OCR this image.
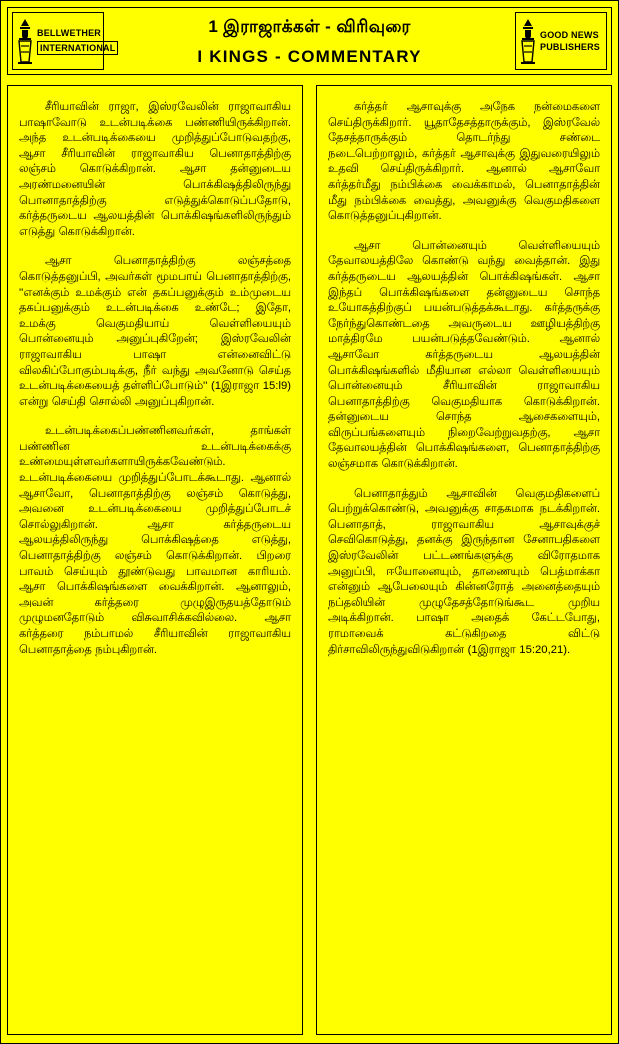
BELLWETHER
INTERNATIONAL
1 இராஜாக்கள் - விரிவுரை
I KINGS - COMMENTARY
GOOD NEWS
PUBLISHERS

சீரியாவின் ராஜா, இஸ்ரவேலின் ராஜாவாகிய பாஷாவோடு உடன்படிக்கை பண்ணியிருக்கிறான். அந்த உடன்படிக்கையை முறித்துப்போடுவதற்கு, ஆசா சீரியாவின் ராஜாவாகிய பெனாதாத்திற்கு லஞ்சம் கொடுக்கிறான். ஆசா தன்னுடைய அரண்மனையின் பொக்கிஷத்திலிருந்து பொனாதாத்திற்கு எடுத்துக்கொடுப்பதோடு, கர்த்தருடைய ஆலயத்தின் பொக்கிஷங்களிலிருந்தும் எடுத்து கொடுக்கிறான்.

ஆசா பெனாதாத்திற்கு லஞ்சத்தை கொடுத்தனுப்பி, அவர்கள் மூமபாய் பெனாதாத்திற்கு, ''எனக்கும் உமக்கும் என் தகப்பனுக்கும் உம்முடைய தகப்பனுக்கும் உடன்படிக்கை உண்டே; இதோ, உமக்கு வெகுமதியாய் வெள்ளியையும் பொன்னையும் அனுப்புகிறேன்; இஸ்ரவேலின் ராஜாவாகிய பாஷா என்னைவிட்டு விலகிப்போகும்படிக்கு, நீர் வந்து அவனோடு செய்த உடன்படிக்கையைத் தள்ளிப்போடும்'' (1இராஜா 15:l9) என்று செய்தி சொல்லி அனுப்புகிறான்.

உடன்படிக்கைப்பண்ணினவர்கள், தாங்கள் பண்ணின உடன்படிக்கைக்கு உண்மையுள்ளவர்களாயிருக்கவேண்டும். உடன்படிக்கையை முறித்துப்போடக்கூடாது. ஆனால் ஆசாவோ, பெனாதாத்திற்கு லஞ்சம் கொடுத்து, அவனை உடன்படிக்கையை முறித்துப்போடச் சொல்லுகிறான். ஆசா கர்த்தருடைய ஆலயத்திலிருந்து பொக்கிஷத்தை எடுத்து, பெனாதாத்திற்கு லஞ்சம் கொடுக்கிறான். பிறரை பாவம் செய்யும் தூண்டுவது பாவமான காரியம். ஆசா பொக்கிஷங்களை வைக்கிறான். ஆனாலும், அவன் கர்த்தரை முழுஇருதயத்தோடும் முழுமனதோடும் விசுவாசிக்கவில்லை. ஆசா கர்த்தரை நம்பாமல் சீரியாவின் ராஜாவாகிய பெனாதாத்தை நம்புகிறான்.

கர்த்தர் ஆசாவுக்கு அநேக நன்மைகளை செய்திருக்கிறார். யூதாதேசத்தாருக்கும், இஸ்ரவேல் தேசத்தாருக்கும் தொடர்ந்து சண்டை நடைபெற்றாலும், கர்த்தர் ஆசாவுக்கு இதுவரையிலும் உதவி செய்திருக்கிறார். ஆனால் ஆசாவோ கர்த்தர்மீது நம்பிக்கை வைக்காமல், பெனாதாத்தின் மீது நம்பிக்கை வைத்து, அவனுக்கு வெகுமதிகளை கொடுத்தனுப்புகிறான்.

ஆசா பொன்னையும் வெள்ளியையும் தேவாலயத்திலே கொண்டு வந்து வைத்தான். இது கர்த்தருடைய ஆலயத்தின் பொக்கிஷங்கள். ஆசா இந்தப் பொக்கிஷங்களை தன்னுடைய சொந்த உயோகத்திற்குப் பயன்படுத்தக்கூடாது. கர்த்தருக்கு நேர்ந்துகொண்டதை அவருடைய ஊழியத்திற்கு மாத்திரமே பயன்படுத்தவேண்டும். ஆனால் ஆசாவோ கர்த்தருடைய ஆலயத்தின் பொக்கிஷங்களில் மீதியான எல்லா வெள்ளியையும் பொன்னையும் சீரியாவின் ராஜாவாகிய பெனாதாத்திற்கு வெகுமதியாக கொடுக்கிறான். தன்னுடைய சொந்த ஆசைகளையும், விருப்பங்களையும் நிறைவேற்றுவதற்கு, ஆசா தேவாலயத்தின் பொக்கிஷங்களை, பெனாதாத்திற்கு லஞ்சமாக கொடுக்கிறான்.

பெனாதாத்தும் ஆசாவின் வெகுமதிகளைப் பெற்றுக்கொண்டு, அவனுக்கு சாதகமாக நடக்கிறான். பெனாதாத், ராஜாவாகிய ஆசாவுக்குச் செவிகொடுத்து, தனக்கு இருந்தான சேனாபதிகளை இஸ்ரவேலின் பட்டணங்களுக்கு விரோதமாக அனுப்பி, ஈயோனையும், தாணையும் பெத்மாக்கா என்னும் ஆபேலையும் கின்னரோத் அனைத்தையும் நப்தலியின் முழுதேசத்தோடுங்கூட முறிய அடிக்கிறான். பாஷா அதைக் கேட்டபோது, ராமாவைக் கட்டுகிறதை விட்டு திர்சாவிலிருந்துவிடுகிறான் (1இராஜா 15:20,21).
